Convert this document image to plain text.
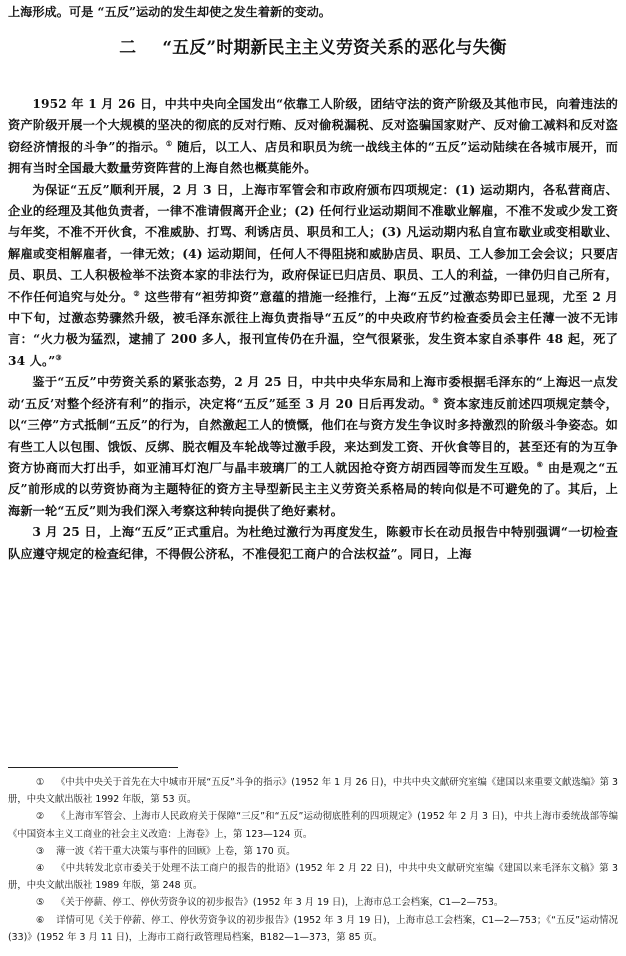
上海形成。可是 “五反”运动的发生却使之发生着新的变动。
二 “五反”时期新民主主义劳资关系的恶化与失衡

1952 年 1 月 26 日，中共中央向全国发出“依靠工人阶级，团结守法的资产阶级及其他市民，向着违法的资产阶级开展一个大规模的坚决的彻底的反对行贿、反对偷税漏税、反对盗骗国家财产、反对偷工减料和反对盗窃经济情报的斗争”的指示。① 随后，以工人、店员和职员为统一战线主体的“五反”运动陆续在各城市展开，而拥有当时全国最大数量劳资阵营的上海自然也概莫能外。

为保证“五反”顺利开展，2 月 3 日，上海市军管会和市政府颁布四项规定：(1) 运动期内，各私营商店、企业的经理及其他负责者，一律不准请假离开企业；(2) 任何行业运动期间不准歇业解雇，不准不发或少发工资与年奖，不准不开伙食，不准威胁、打骂、利诱店员、职员和工人；(3) 凡运动期内私自宣布歇业或变相歇业、解雇或变相解雇者，一律无效；(4) 运动期间，任何人不得阻挠和威胁店员、职员、工人参加工会会议；只要店员、职员、工人积极检举不法资本家的非法行为，政府保证已归店员、职员、工人的利益，一律仍归自己所有，不作任何追究与处分。② 这些带有“袒劳抑资”意蕴的措施一经推行，上海“五反”过激态势即已显现，尤至 2 月中下旬，过激态势骤然升级，被毛泽东派往上海负责指导“五反”的中央政府节约检查委员会主任薄一波不无讳言：“火力极为猛烈，逮捕了 200 多人，报刊宣传仍在升温，空气很紧张，发生资本家自杀事件 48 起，死了 34 人。”③

鉴于“五反”中劳资关系的紧张态势，2 月 25 日，中共中央华东局和上海市委根据毛泽东的“上海迟一点发动‘五反’对整个经济有利”的指示，决定将“五反”延至 3 月 20 日后再发动。⑤ 资本家违反前述四项规定禁令，以“三停”方式抵制“五反”的行为，自然激起工人的愤慨，他们在与资方发生争议时多持激烈的阶级斗争姿态。如有些工人以包围、饿饭、反绑、脱衣帽及车轮战等过激手段，来达到发工资、开伙食等目的，甚至还有的为互争资方协商而大打出手，如亚浦耳灯泡厂与晶丰玻璃厂的工人就因抢夺资方胡西园等而发生互殴。⑥ 由是观之“五反”前形成的以劳资协商为主题特征的资方主导型新民主主义劳资关系格局的转向似是不可避免的了。其后，上海新一轮“五反”则为我们深入考察这种转向提供了绝好素材。

3 月 25 日，上海“五反”正式重启。为杜绝过激行为再度发生，陈毅市长在动员报告中特别强调“一切检查队应遵守规定的检查纪律，不得假公济私，不准侵犯工商户的合法权益”。同日，上海

① 《中共中央关于首先在大中城市开展“五反”斗争的指示》(1952 年 1 月 26 日)，中共中央文献研究室编《建国以来重要文献选编》第 3 册，中央文献出版社 1992 年版，第 53 页。

② 《上海市军管会、上海市人民政府关于保障“三反”和“五反”运动彻底胜利的四项规定》(1952 年 2 月 3 日)，中共上海市委统战部等编《中国资本主义工商业的社会主义改造：上海卷》上，第 123—124 页。

③ 薄一波《若干重大决策与事件的回顾》上卷，第 170 页。

④ 《中共转发北京市委关于处理不法工商户的报告的批语》(1952 年 2 月 22 日)，中共中央文献研究室编《建国以来毛泽东文稿》第 3 册，中央文献出版社 1989 年版，第 248 页。

⑤ 《关于停薪、停工、停伙劳资争议的初步报告》(1952 年 3 月 19 日)，上海市总工会档案，C1—2—753。

⑥ 详情可见《关于停薪、停工、停伙劳资争议的初步报告》(1952 年 3 月 19 日)，上海市总工会档案，C1—2—753；《“五反”运动情况 (33)》(1952 年 3 月 11 日)，上海市工商行政管理局档案，B182—1—373，第 85 页。
